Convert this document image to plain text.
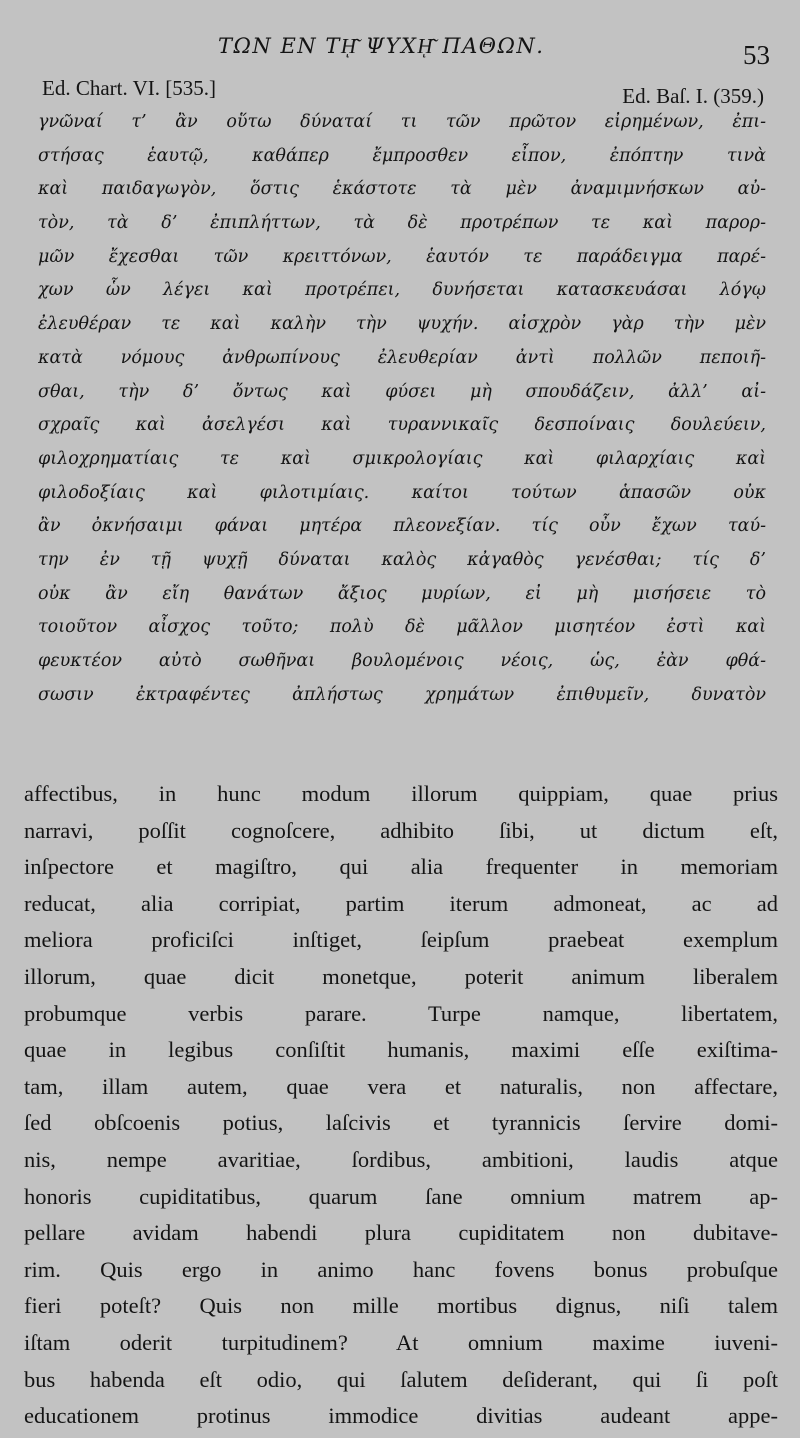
ΤΩΝ ΕΝ Τῌ͂ ΨΥΧῌ͂ ΠΑΘΩΝ.	53
Ed. Chart. VI. [535.]	Ed. Baſ. I. (359.)
γνῶναί τ’ ἂν οὕτω δύναταί τι τῶν πρῶτον εἰρημένων, ἐπι-
στήσας ἑαυτῷ, καθάπερ ἔμπροσθεν εἶπον, ἐπόπτην τινὰ
καὶ παιδαγωγὸν, ὅστις ἑκάστοτε τὰ μὲν ἀναμιμνήσκων αὐ-
τὸν, τὰ δ’ ἐπιπλήττων, τὰ δὲ προτρέπων τε καὶ παρορ-
μῶν ἔχεσθαι τῶν κρειττόνων, ἑαυτόν τε παράδειγμα παρέ-
χων ὧν λέγει καὶ προτρέπει, δυνήσεται κατασκευάσαι λόγῳ
ἐλευθέραν τε καὶ καλὴν τὴν ψυχήν. αἰσχρὸν γὰρ τὴν μὲν
κατὰ νόμους ἀνθρωπίνους ἐλευθερίαν ἀντὶ πολλῶν πεποιῆ-
σθαι, τὴν δ’ ὄντως καὶ φύσει μὴ σπουδάζειν, ἀλλ’ αἰ-
σχραῖς καὶ ἀσελγέσι καὶ τυραννικαῖς δεσποίναις δουλεύειν,
φιλοχρηματίαις τε καὶ σμικρολογίαις καὶ φιλαρχίαις καὶ
φιλοδοξίαις καὶ φιλοτιμίαις. καίτοι τούτων ἁπασῶν οὐκ
ἂν ὀκνήσαιμι φάναι μητέρα πλεονεξίαν. τίς οὖν ἔχων ταύ-
την ἐν τῇ ψυχῇ δύναται καλὸς κἀγαθὸς γενέσθαι; τίς δ’
οὐκ ἂν εἴη θανάτων ἄξιος μυρίων, εἰ μὴ μισήσειε τὸ
τοιοῦτον αἶσχος τοῦτο; πολὺ δὲ μᾶλλον μισητέον ἐστὶ καὶ
φευκτέον αὐτὸ σωθῆναι βουλομένοις νέοις, ὡς, ἐὰν φθά-
σωσιν ἐκτραφέντες ἀπλήστως χρημάτων ἐπιθυμεῖν, δυνατὸν
affectibus, in hunc modum illorum quippiam, quae prius
narravi, poſſit cognoſcere, adhibito ſibi, ut dictum eſt,
inſpectore et magiſtro, qui alia frequenter in memoriam
reducat, alia corripiat, partim iterum admoneat, ac ad
meliora proficiſci inſtiget, ſeipſum praebeat exemplum
illorum, quae dicit monetque, poterit animum liberalem
probumque verbis parare. Turpe namque, libertatem,
quae in legibus conſiſtit humanis, maximi eſſe exiſtima-
tam, illam autem, quae vera et naturalis, non affectare,
ſed obſcoenis potius, laſcivis et tyrannicis ſervire domi-
nis, nempe avaritiae, ſordibus, ambitioni, laudis atque
honoris cupiditatibus, quarum ſane omnium matrem ap-
pellare avidam habendi plura cupiditatem non dubitave-
rim. Quis ergo in animo hanc fovens bonus probuſque
fieri poteſt? Quis non mille mortibus dignus, niſi talem
iſtam oderit turpitudinem? At omnium maxime iuveni-
bus habenda eſt odio, qui ſalutem deſiderant, qui ſi poſt
educationem protinus immodice divitias audeant appe-
